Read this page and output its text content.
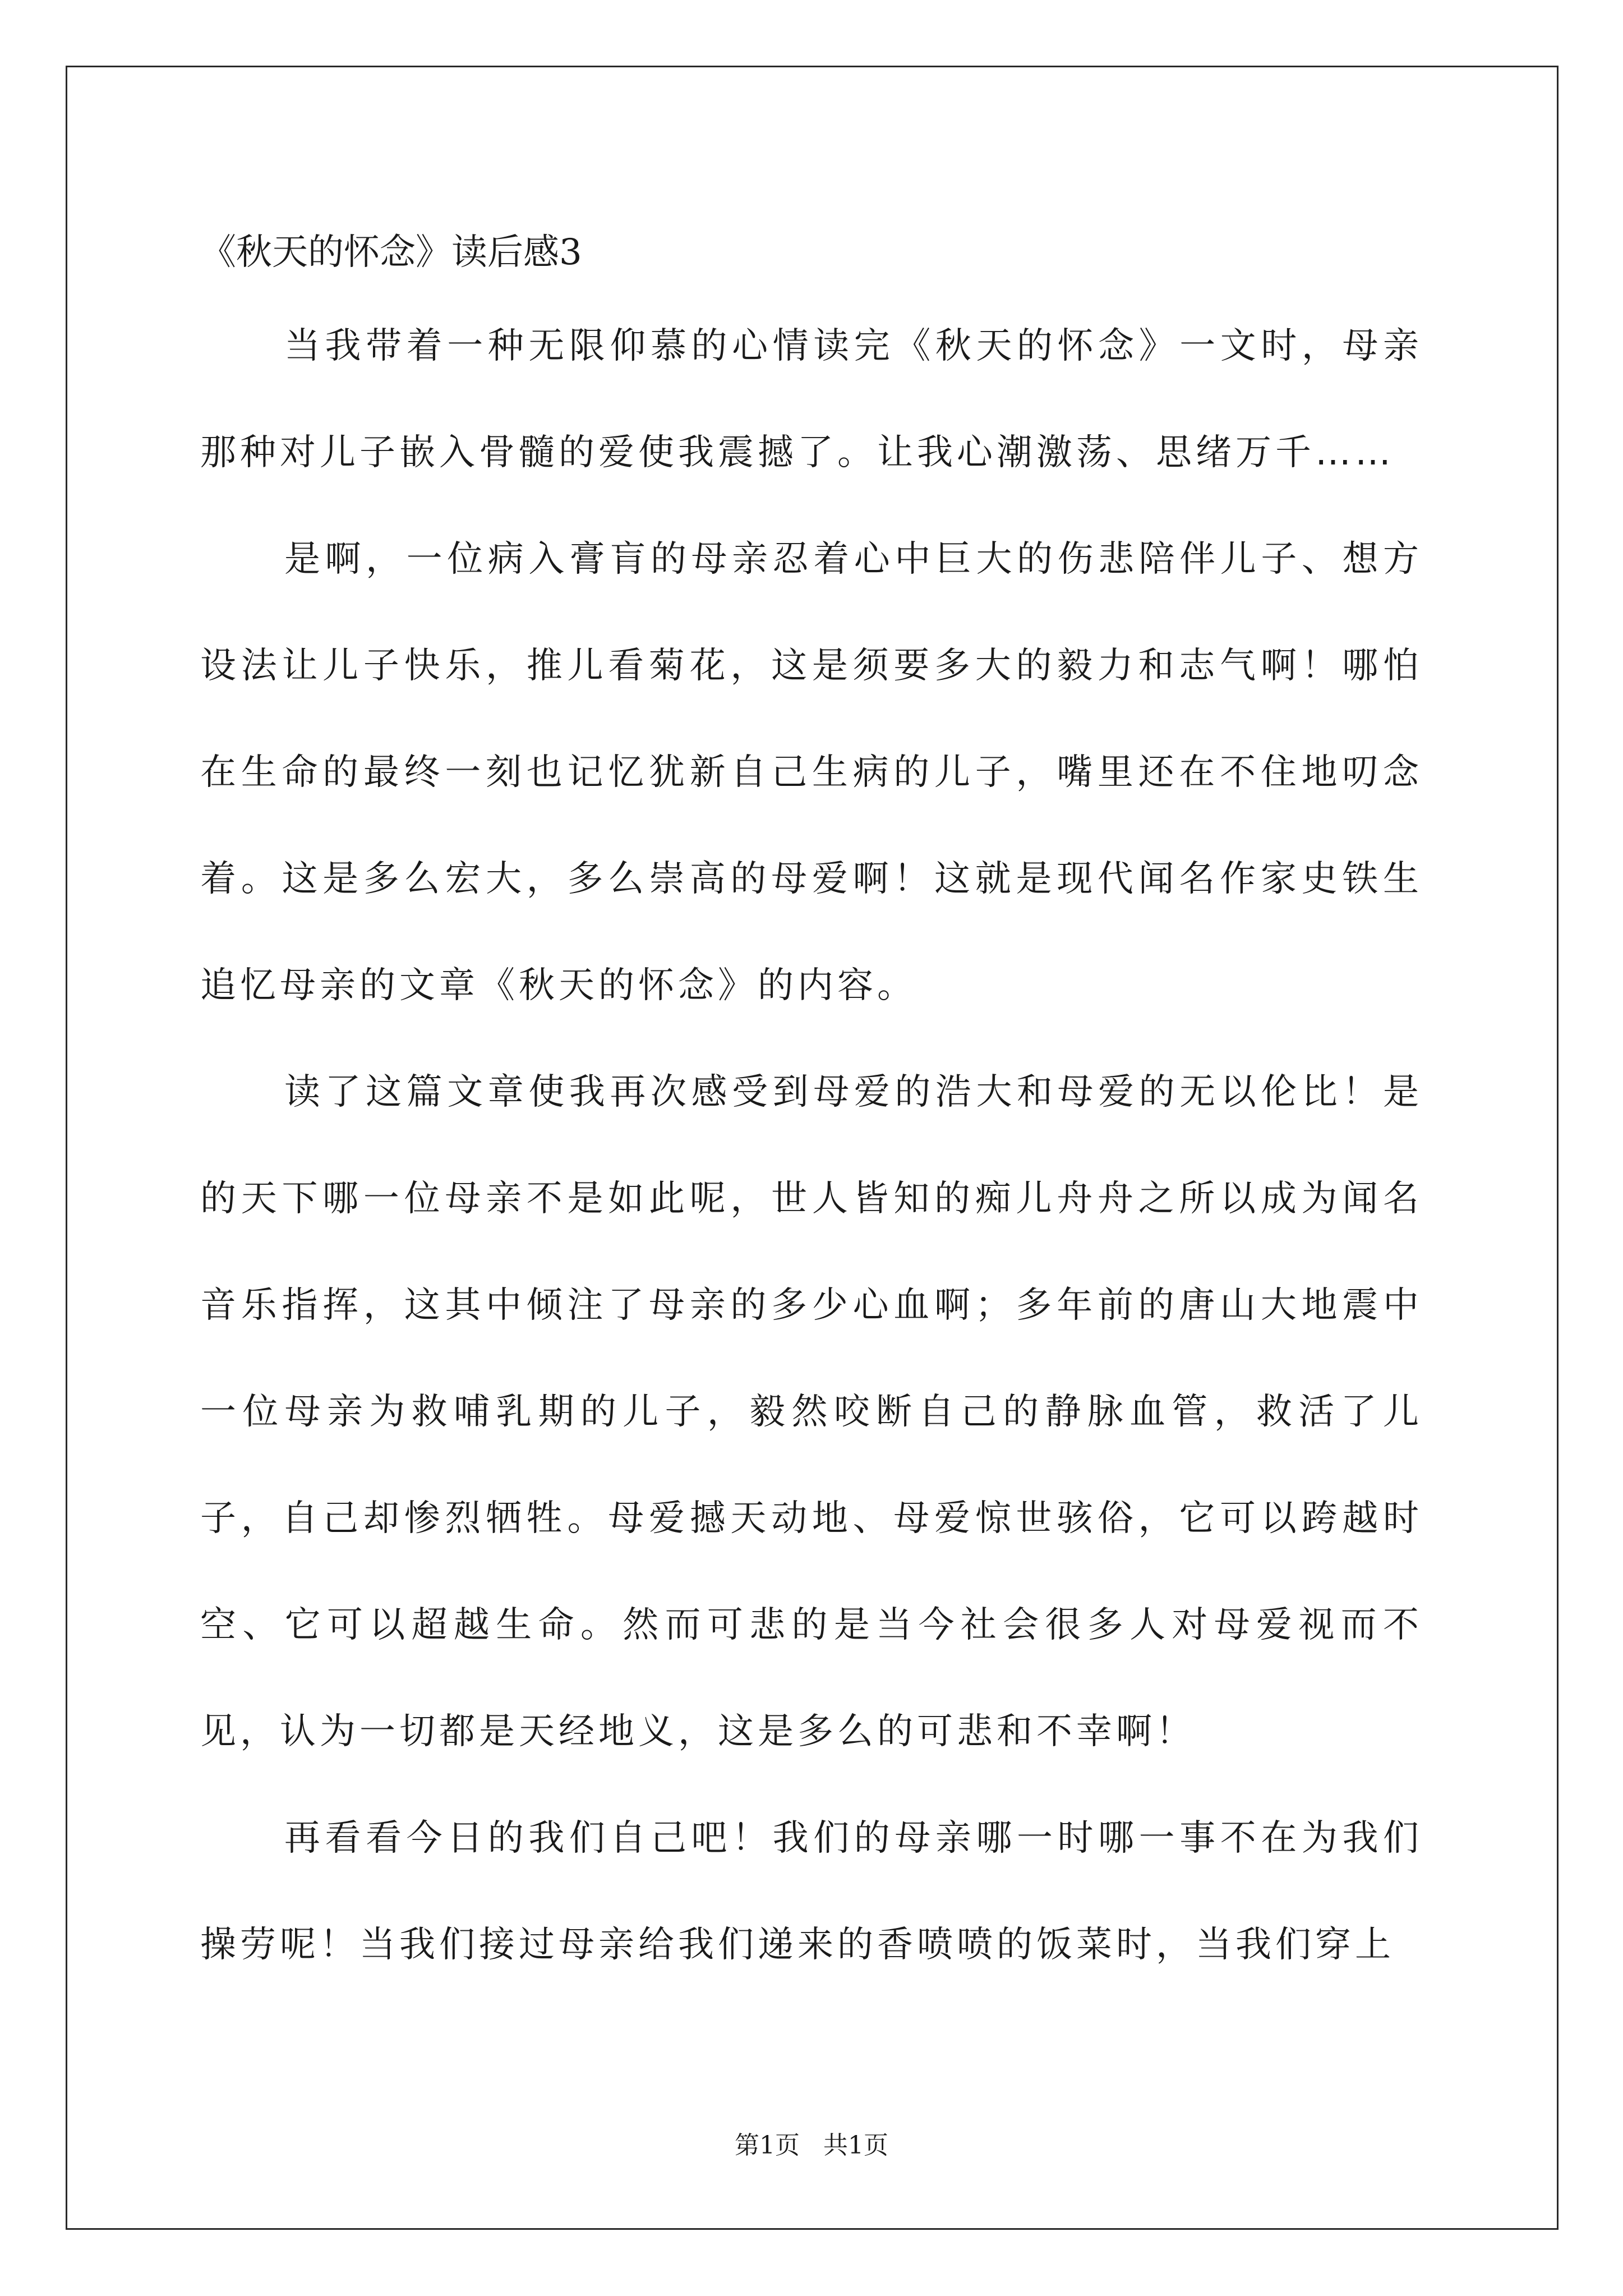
《秋天的怀念》读后感3

当我带着一种无限仰慕的心情读完《秋天的怀念》一文时，母亲那种对儿子嵌入骨髓的爱使我震撼了。让我心潮激荡、思绪万千……

是啊，一位病入膏肓的母亲忍着心中巨大的伤悲陪伴儿子、想方设法让儿子快乐，推儿看菊花，这是须要多大的毅力和志气啊！哪怕在生命的最终一刻也记忆犹新自己生病的儿子，嘴里还在不住地叨念着。这是多么宏大，多么崇高的母爱啊！这就是现代闻名作家史铁生追忆母亲的文章《秋天的怀念》的内容。

读了这篇文章使我再次感受到母爱的浩大和母爱的无以伦比！是的天下哪一位母亲不是如此呢，世人皆知的痴儿舟舟之所以成为闻名音乐指挥，这其中倾注了母亲的多少心血啊；多年前的唐山大地震中一位母亲为救哺乳期的儿子，毅然咬断自己的静脉血管，救活了儿子，自己却惨烈牺牲。母爱撼天动地、母爱惊世骇俗，它可以跨越时空、它可以超越生命。然而可悲的是当今社会很多人对母爱视而不见，认为一切都是天经地义，这是多么的可悲和不幸啊！

再看看今日的我们自己吧！我们的母亲哪一时哪一事不在为我们操劳呢！当我们接过母亲给我们递来的香喷喷的饭菜时，当我们穿上

第1页 共1页
